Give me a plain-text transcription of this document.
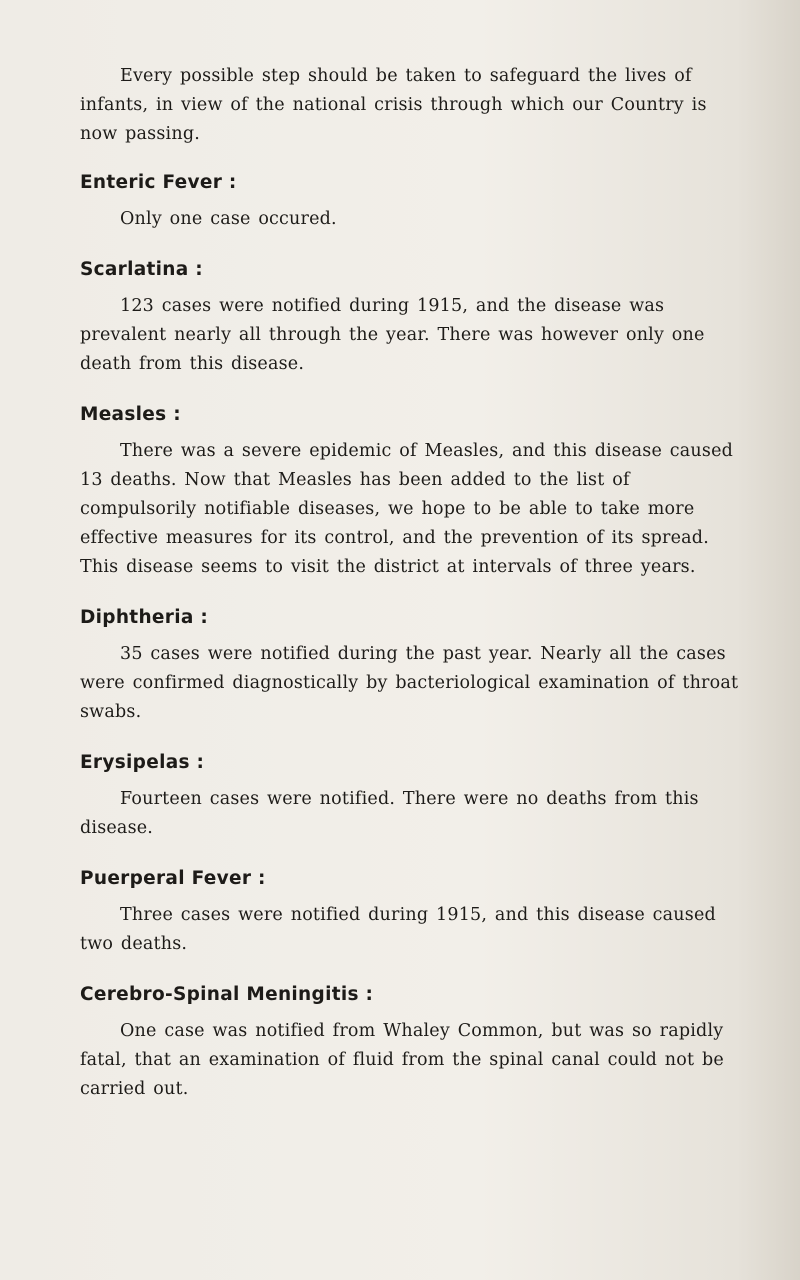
Every possible step should be taken to safeguard the lives of infants, in view of the national crisis through which our Country is now passing.

Enteric Fever :

Only one case occured.

Scarlatina :

123 cases were notified during 1915, and the disease was prevalent nearly all through the year. There was however only one death from this disease.

Measles :

There was a severe epidemic of Measles, and this disease caused 13 deaths. Now that Measles has been added to the list of compulsorily notifiable diseases, we hope to be able to take more effective measures for its control, and the prevention of its spread. This disease seems to visit the district at intervals of three years.

Diphtheria :

35 cases were notified during the past year. Nearly all the cases were confirmed diagnostically by bacteriological examination of throat swabs.

Erysipelas :

Fourteen cases were notified. There were no deaths from this disease.

Puerperal Fever :

Three cases were notified during 1915, and this disease caused two deaths.

Cerebro-Spinal Meningitis :

One case was notified from Whaley Common, but was so rapidly fatal, that an examination of fluid from the spinal canal could not be carried out.
